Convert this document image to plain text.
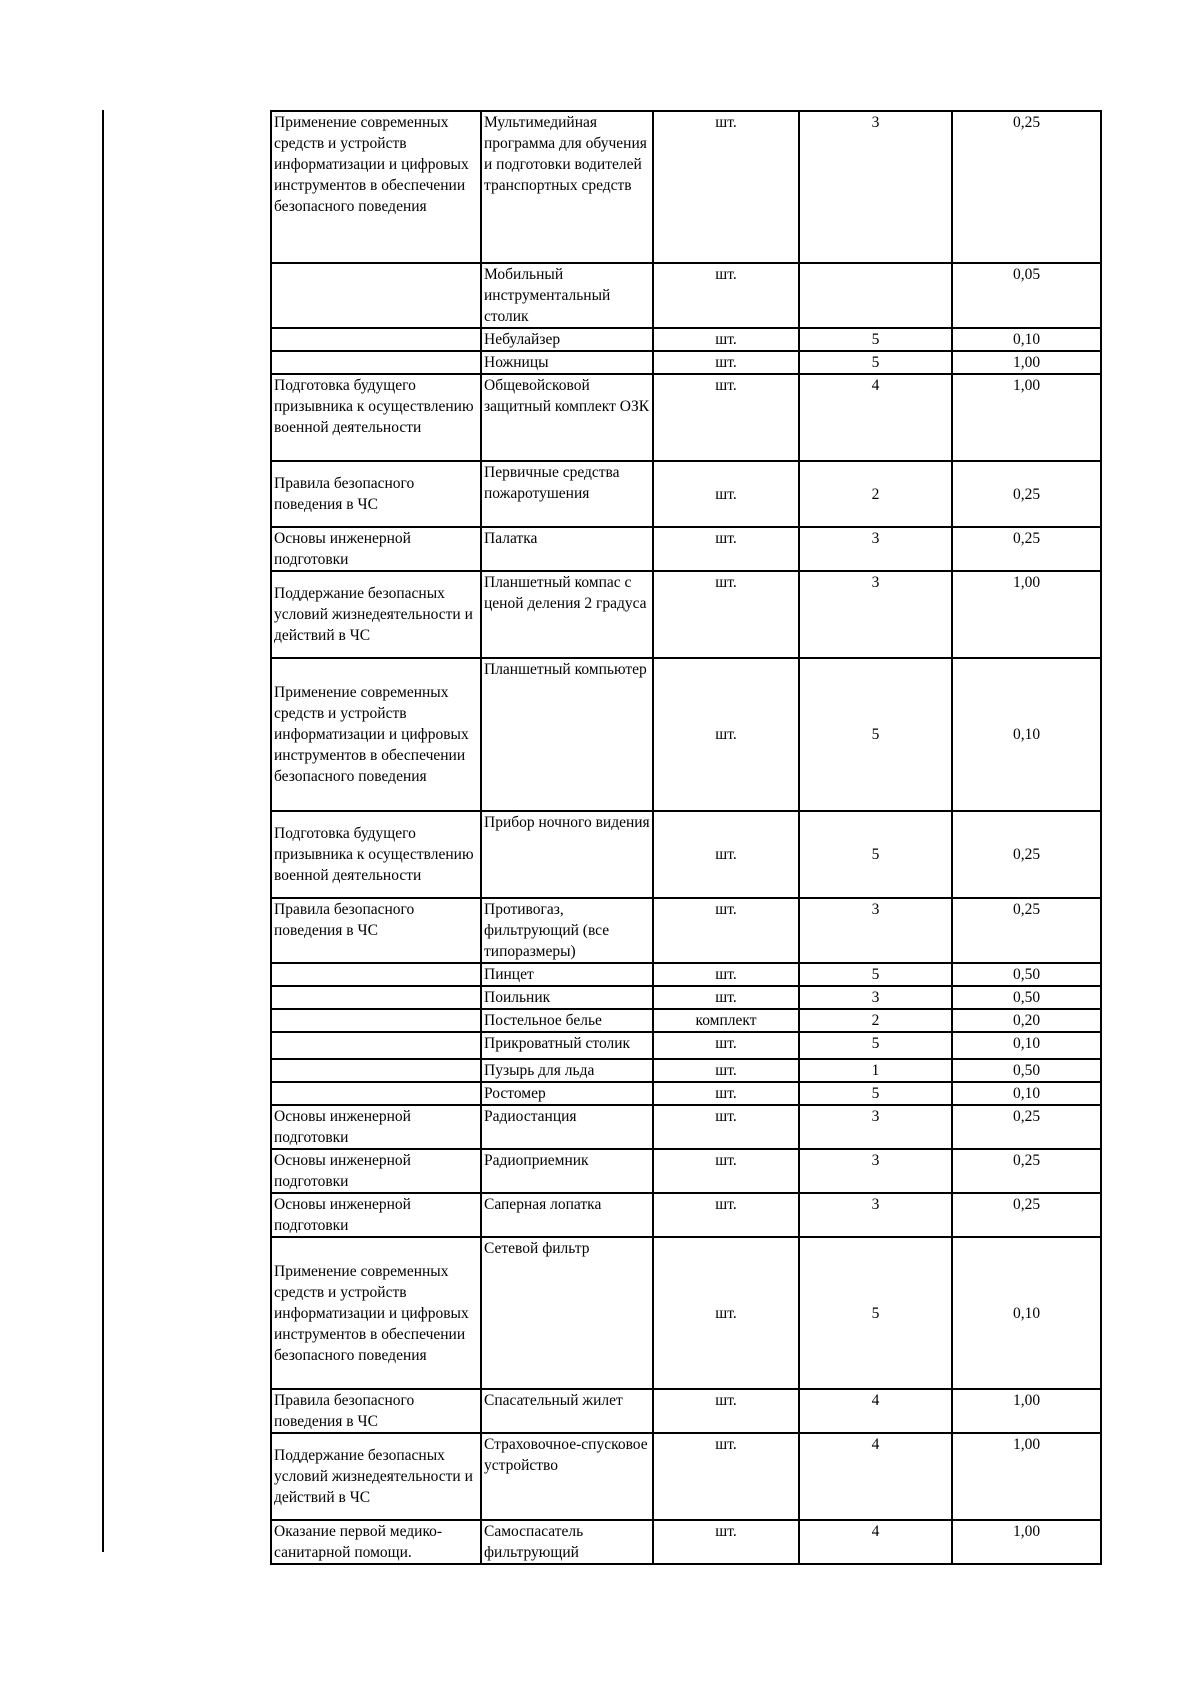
Применение современных средств и устройств информатизации и цифровых инструментов в обеспечении безопасного поведения	Мультимедийная программа для обучения и подготовки водителей транспортных средств	шт.	3	0,25
	Мобильный инструментальный столик	шт.		0,05
	Небулайзер	шт.	5	0,10
	Ножницы	шт.	5	1,00
Подготовка будущего призывника к осуществлению военной деятельности	Общевойсковой защитный комплект ОЗК	шт.	4	1,00
Правила безопасного поведения в ЧС	Первичные средства пожаротушения	шт.	2	0,25
Основы инженерной подготовки	Палатка	шт.	3	0,25
Поддержание безопасных условий жизнедеятельности и действий в ЧС	Планшетный компас с ценой деления 2 градуса	шт.	3	1,00
Применение современных средств и устройств информатизации и цифровых инструментов в обеспечении безопасного поведения	Планшетный компьютер	шт.	5	0,10
Подготовка будущего призывника к осуществлению военной деятельности	Прибор ночного видения	шт.	5	0,25
Правила безопасного поведения в ЧС	Противогаз, фильтрующий (все типоразмеры)	шт.	3	0,25
	Пинцет	шт.	5	0,50
	Поильник	шт.	3	0,50
	Постельное белье	комплект	2	0,20
	Прикроватный столик	шт.	5	0,10
	Пузырь для льда	шт.	1	0,50
	Ростомер	шт.	5	0,10
Основы инженерной подготовки	Радиостанция	шт.	3	0,25
Основы инженерной подготовки	Радиоприемник	шт.	3	0,25
Основы инженерной подготовки	Саперная лопатка	шт.	3	0,25
Применение современных средств и устройств информатизации и цифровых инструментов в обеспечении безопасного поведения	Сетевой фильтр	шт.	5	0,10
Правила безопасного поведения в ЧС	Спасательный жилет	шт.	4	1,00
Поддержание безопасных условий жизнедеятельности и действий в ЧС	Страховочное-спусковое устройство	шт.	4	1,00
Оказание первой медико-санитарной помощи.	Самоспасатель фильтрующий	шт.	4	1,00
